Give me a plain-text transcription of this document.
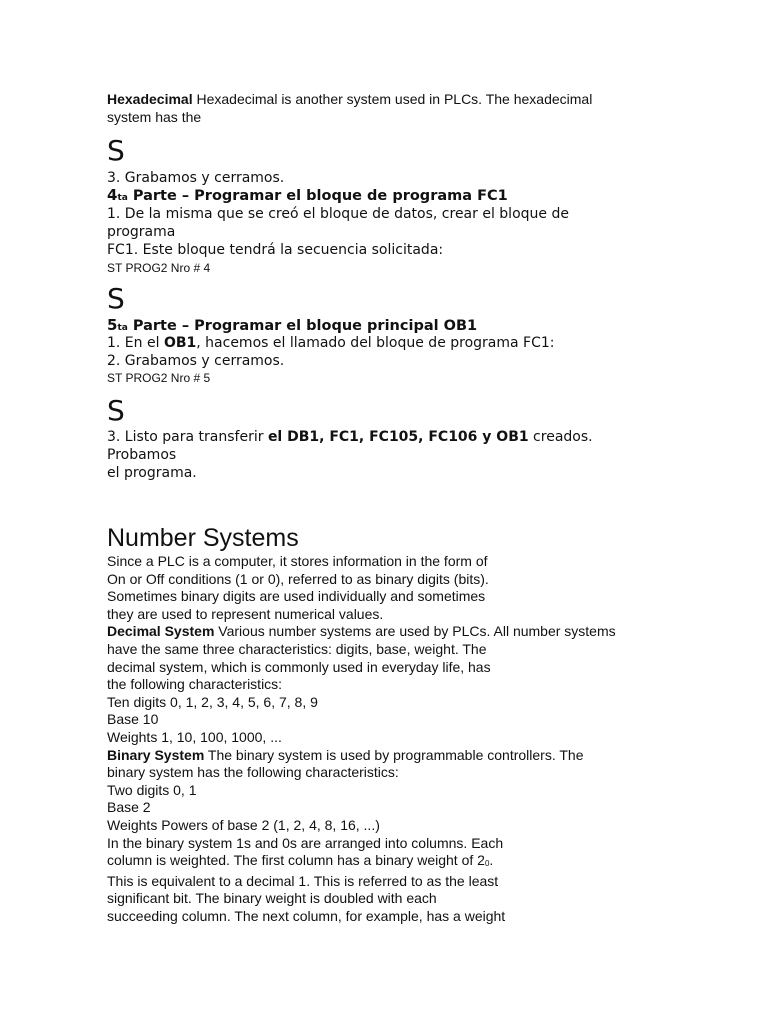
Hexadecimal Hexadecimal is another system used in PLCs. The hexadecimal
system has the
S
3. Grabamos y cerramos.
4ta Parte – Programar el bloque de programa FC1
1. De la misma que se creó el bloque de datos, crear el bloque de
programa
FC1. Este bloque tendrá la secuencia solicitada:
ST PROG2 Nro # 4
S
5ta Parte – Programar el bloque principal OB1
1. En el OB1, hacemos el llamado del bloque de programa FC1:
2. Grabamos y cerramos.
ST PROG2 Nro # 5
S
3. Listo para transferir el DB1, FC1, FC105, FC106 y OB1 creados.
Probamos
el programa.
Number Systems
Since a PLC is a computer, it stores information in the form of
On or Off conditions (1 or 0), referred to as binary digits (bits).
Sometimes binary digits are used individually and sometimes
they are used to represent numerical values.
Decimal System Various number systems are used by PLCs. All number systems
have the same three characteristics: digits, base, weight. The
decimal system, which is commonly used in everyday life, has
the following characteristics:
Ten digits 0, 1, 2, 3, 4, 5, 6, 7, 8, 9
Base 10
Weights 1, 10, 100, 1000, ...
Binary System The binary system is used by programmable controllers. The
binary system has the following characteristics:
Two digits 0, 1
Base 2
Weights Powers of base 2 (1, 2, 4, 8, 16, ...)
In the binary system 1s and 0s are arranged into columns. Each
column is weighted. The first column has a binary weight of $2_0$.
This is equivalent to a decimal 1. This is referred to as the least
significant bit. The binary weight is doubled with each
succeeding column. The next column, for example, has a weight
